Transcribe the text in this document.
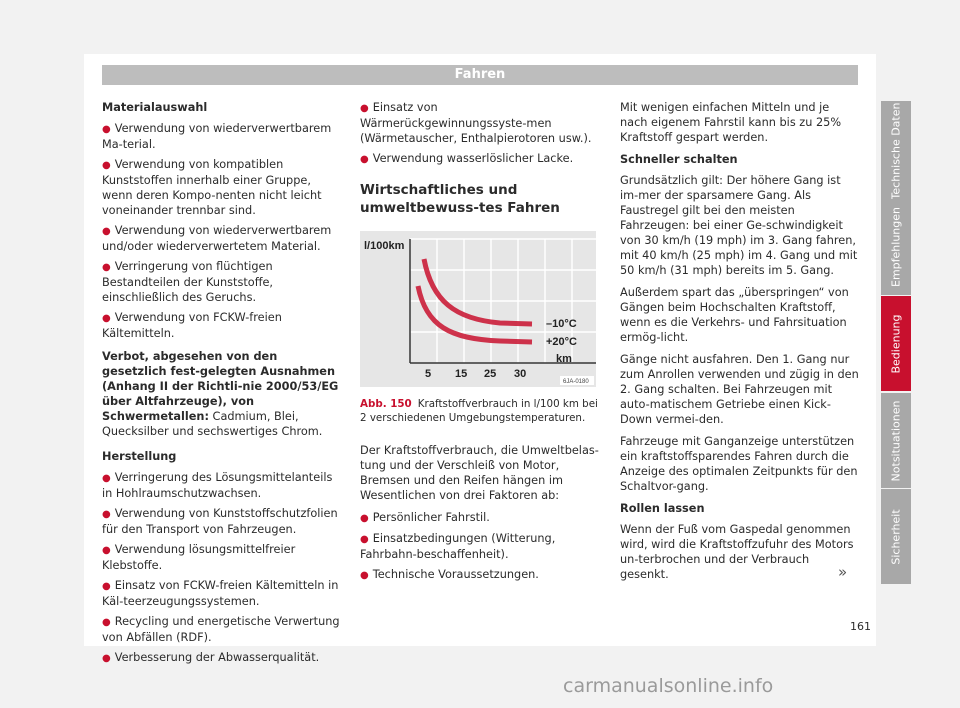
Fahren
Materialauswahl
● Verwendung von wiederverwertbarem Ma-terial.
● Verwendung von kompatiblen Kunststoffen innerhalb einer Gruppe, wenn deren Kompo-nenten nicht leicht voneinander trennbar sind.
● Verwendung von wiederverwertbarem und/oder wiederverwertetem Material.
● Verringerung von flüchtigen Bestandteilen der Kunststoffe, einschließlich des Geruchs.
● Verwendung von FCKW-freien Kältemitteln.

Verbot, abgesehen von den gesetzlich fest-gelegten Ausnahmen (Anhang II der Richtli-nie 2000/53/EG über Altfahrzeuge), von Schwermetallen: Cadmium, Blei, Quecksilber und sechswertiges Chrom.

Herstellung
● Verringerung des Lösungsmittelanteils in Hohlraumschutzwachsen.
● Verwendung von Kunststoffschutzfolien für den Transport von Fahrzeugen.
● Verwendung lösungsmittelfreier Klebstoffe.
● Einsatz von FCKW-freien Kältemitteln in Käl-teerzeugungssystemen.
● Recycling und energetische Verwertung von Abfällen (RDF).
● Verbesserung der Abwasserqualität.
● Einsatz von Wärmerückgewinnungssyste-men (Wärmetauscher, Enthalpierotoren usw.).
● Verwendung wasserlöslicher Lacke.
Wirtschaftliches und umweltbewuss-tes Fahren
l/100km
–10°C
+20°C
km
5 15 25 30
6JA-0180
Abb. 150 Kraftstoffverbrauch in l/100 km bei 2 verschiedenen Umgebungstemperaturen.

Der Kraftstoffverbrauch, die Umweltbelas-tung und der Verschleiß von Motor, Bremsen und den Reifen hängen im Wesentlichen von drei Faktoren ab:

● Persönlicher Fahrstil.
● Einsatzbedingungen (Witterung, Fahrbahn-beschaffenheit).
● Technische Voraussetzungen.

Mit wenigen einfachen Mitteln und je nach eigenem Fahrstil kann bis zu 25% Kraftstoff gespart werden.

Schneller schalten

Grundsätzlich gilt: Der höhere Gang ist im-mer der sparsamere Gang. Als Faustregel gilt bei den meisten Fahrzeugen: bei einer Ge-schwindigkeit von 30 km/h (19 mph) im 3. Gang fahren, mit 40 km/h (25 mph) im 4. Gang und mit 50 km/h (31 mph) bereits im 5. Gang.

Außerdem spart das „überspringen“ von Gängen beim Hochschalten Kraftstoff, wenn es die Verkehrs- und Fahrsituation ermög-licht.

Gänge nicht ausfahren. Den 1. Gang nur zum Anrollen verwenden und zügig in den 2. Gang schalten. Bei Fahrzeugen mit auto-matischem Getriebe einen Kick-Down vermei-den.

Fahrzeuge mit Ganganzeige unterstützen ein kraftstoffsparendes Fahren durch die Anzeige des optimalen Zeitpunkts für den Schaltvor-gang.

Rollen lassen

Wenn der Fuß vom Gaspedal genommen wird, wird die Kraftstoffzufuhr des Motors un-terbrochen und der Verbrauch gesenkt.	»
Technische Daten
Empfehlungen
Bedienung
Notsituationen
Sicherheit
161
carmanualsonline.info
